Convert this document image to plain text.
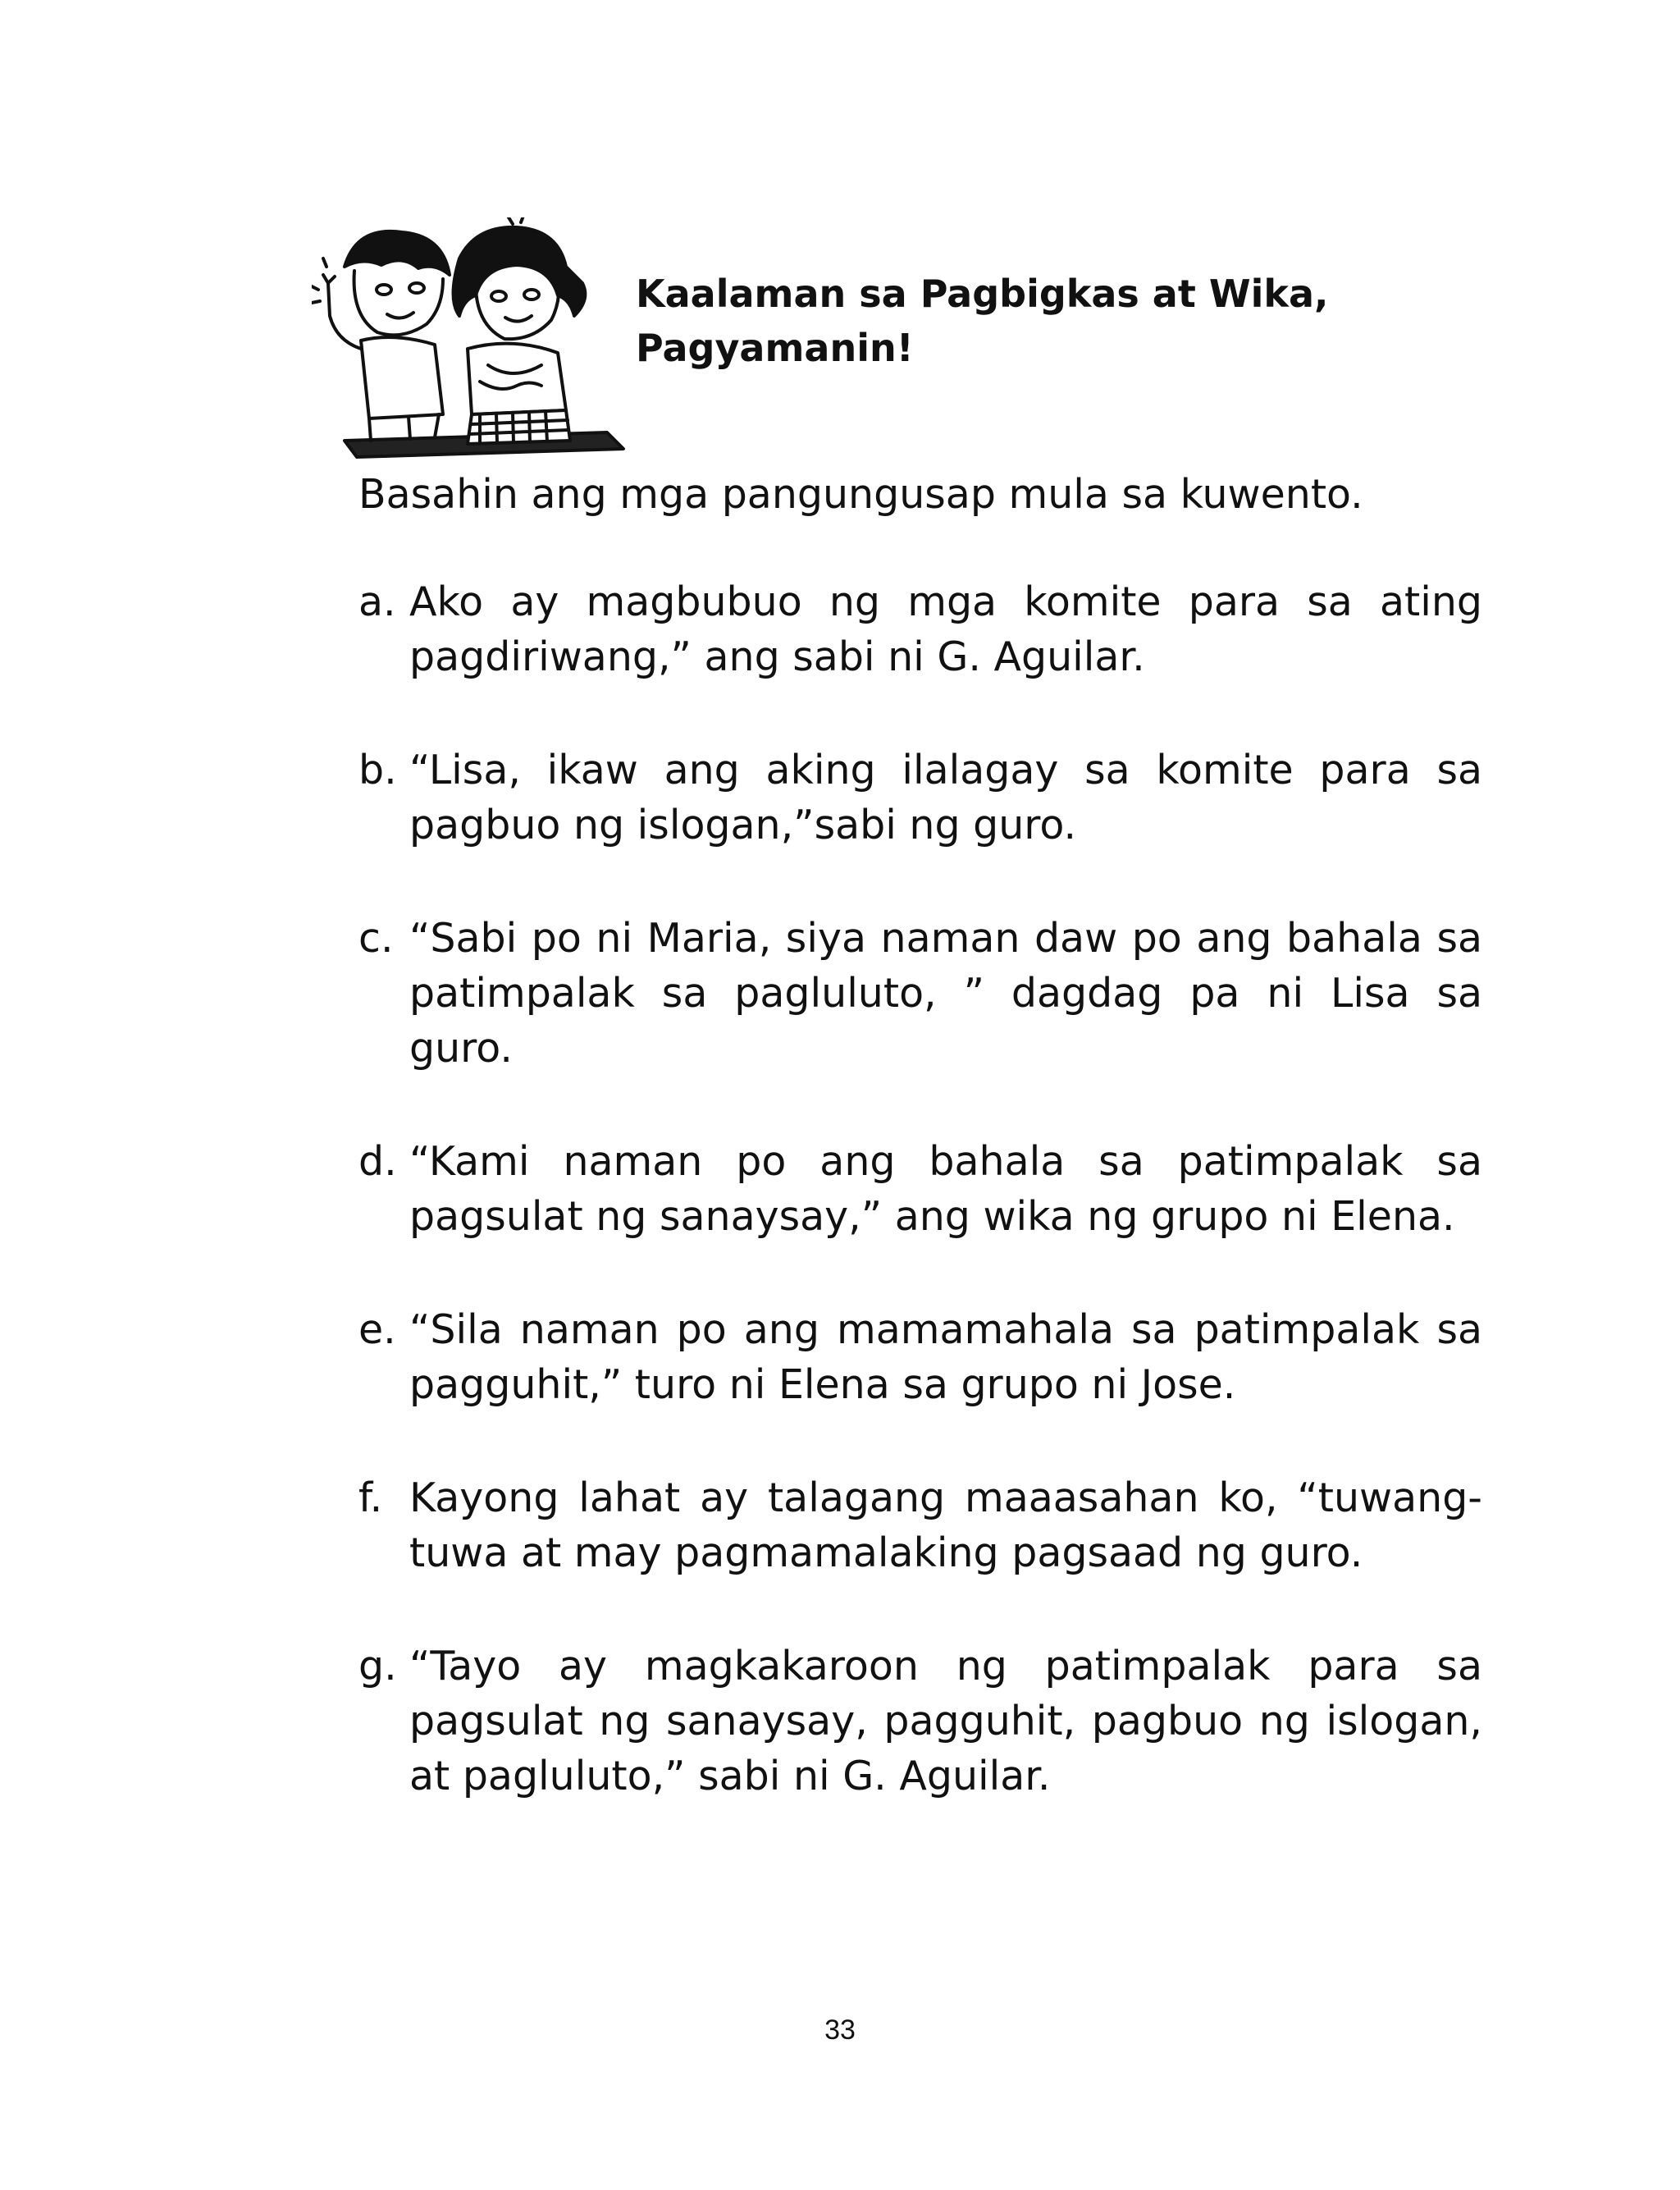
Kaalaman sa Pagbigkas at Wika,
Pagyamanin!
Basahin ang mga pangungusap mula sa kuwento.
a. Ako ay magbubuo ng mga komite para sa ating pagdiriwang,” ang sabi ni G. Aguilar.
b. “Lisa, ikaw ang aking ilalagay sa komite para sa pagbuo ng islogan,”sabi ng guro.
c. “Sabi po ni Maria, siya naman daw po ang bahala sa patimpalak sa pagluluto, ” dagdag pa ni Lisa sa guro.
d. “Kami naman po ang bahala sa patimpalak sa pagsulat ng sanaysay,” ang wika ng grupo ni Elena.
e. “Sila naman po ang mamamahala sa patimpalak sa pagguhit,” turo ni Elena sa grupo ni Jose.
f. Kayong lahat ay talagang maaasahan ko, “tuwang-tuwa at may pagmamalaking pagsaad ng guro.
g. “Tayo ay magkakaroon ng patimpalak para sa pagsulat ng sanaysay, pagguhit, pagbuo ng islogan, at pagluluto,” sabi ni G. Aguilar.
33
